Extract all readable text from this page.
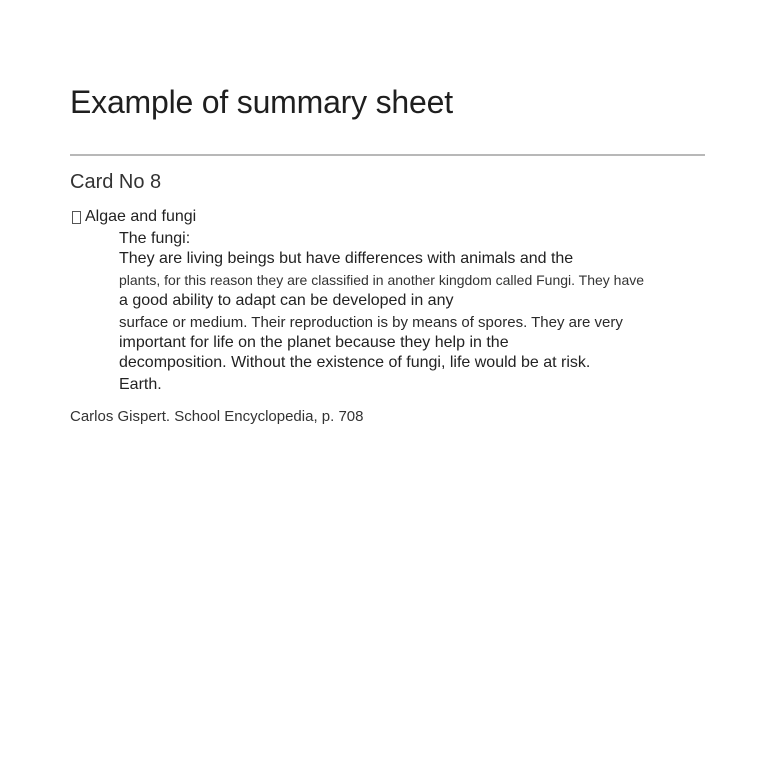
Example of summary sheet
Card No 8
Algae and fungi
The fungi:
They are living beings but have differences with animals and the
plants, for this reason they are classified in another kingdom called Fungi. They have
a good ability to adapt can be developed in any
surface or medium. Their reproduction is by means of spores. They are very
important for life on the planet because they help in the
decomposition. Without the existence of fungi, life would be at risk.
Earth.
Carlos Gispert. School Encyclopedia, p. 708
